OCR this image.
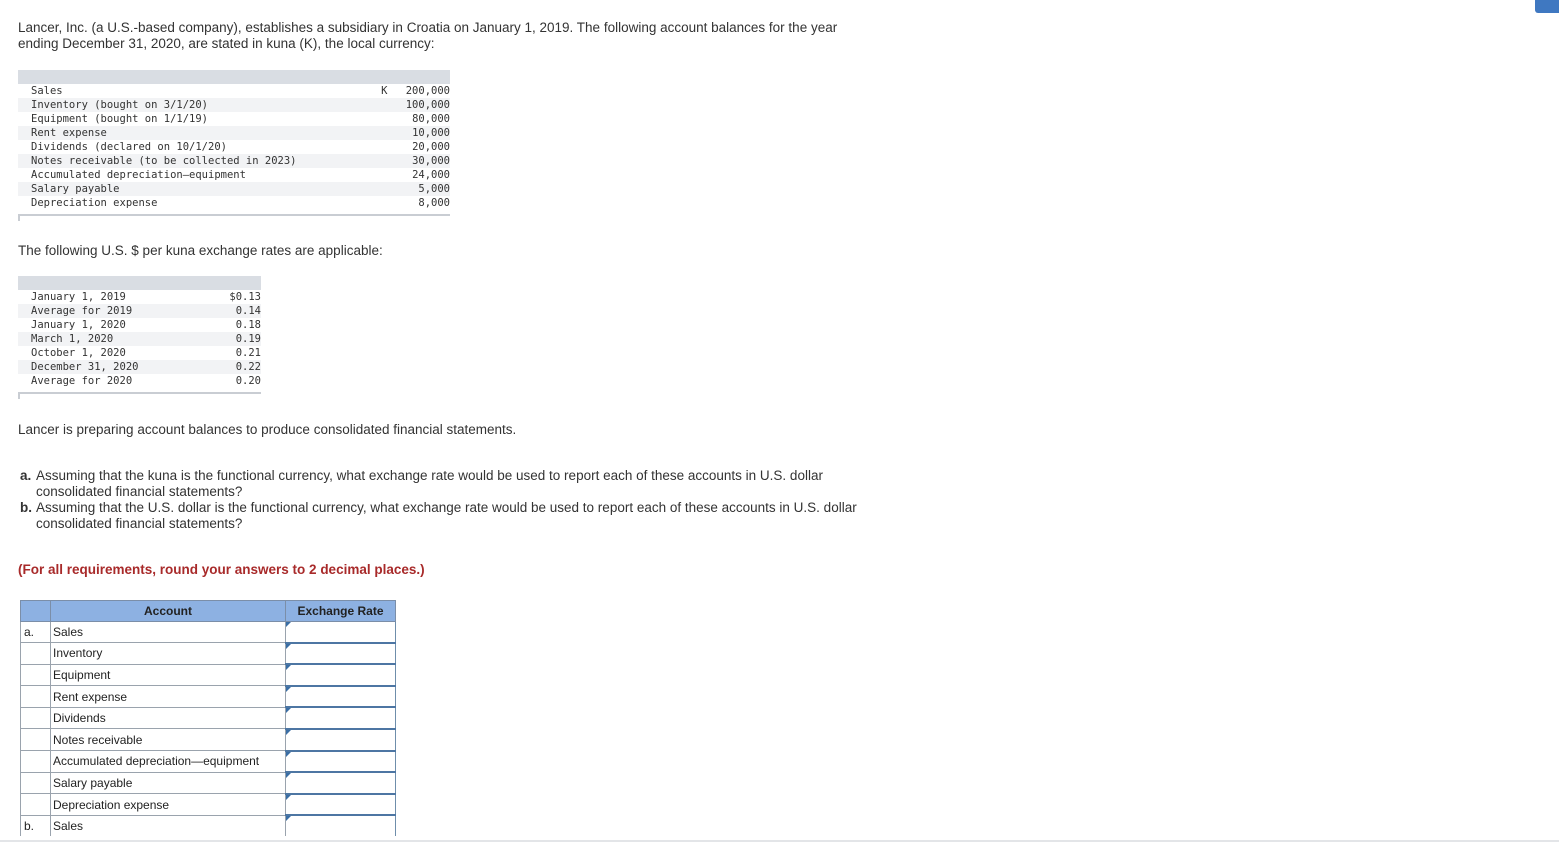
Lancer, Inc. (a U.S.-based company), establishes a subsidiary in Croatia on January 1, 2019. The following account balances for the year ending December 31, 2020, are stated in kuna (K), the local currency:
Sales	K	200,000
Inventory (bought on 3/1/20)	100,000
Equipment (bought on 1/1/19)	80,000
Rent expense	10,000
Dividends (declared on 10/1/20)	20,000
Notes receivable (to be collected in 2023)	30,000
Accumulated depreciation—equipment	24,000
Salary payable	5,000
Depreciation expense	8,000
The following U.S. $ per kuna exchange rates are applicable:
January 1, 2019	$0.13
Average for 2019	0.14
January 1, 2020	0.18
March 1, 2020	0.19
October 1, 2020	0.21
December 31, 2020	0.22
Average for 2020	0.20
Lancer is preparing account balances to produce consolidated financial statements.
a. Assuming that the kuna is the functional currency, what exchange rate would be used to report each of these accounts in U.S. dollar consolidated financial statements?
b. Assuming that the U.S. dollar is the functional currency, what exchange rate would be used to report each of these accounts in U.S. dollar consolidated financial statements?
(For all requirements, round your answers to 2 decimal places.)
	Account	Exchange Rate
a.	Sales	

	Inventory	

	Equipment	

	Rent expense	

	Dividends	

	Notes receivable	

	Accumulated depreciation—equipment	

	Salary payable	

	Depreciation expense	

b.	Sales	
